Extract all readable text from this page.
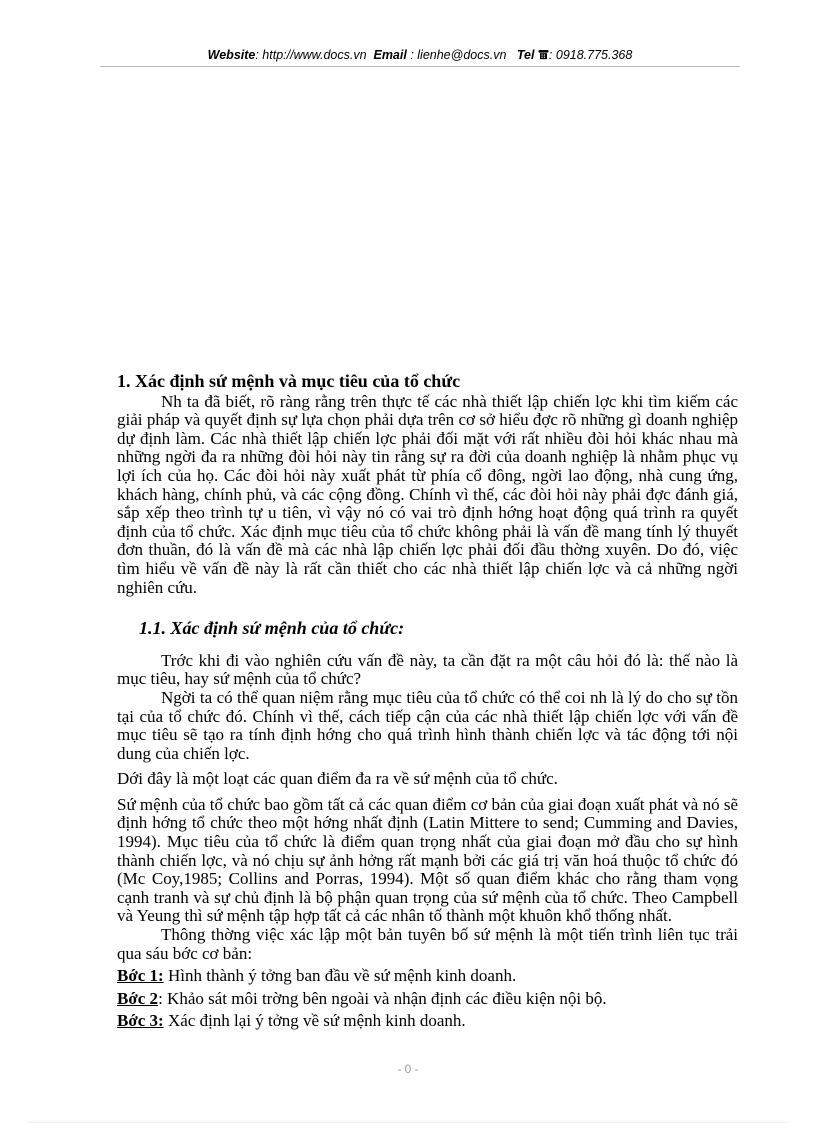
Website: http://www.docs.vn Email : lienhe@docs.vn Tel : 0918.775.368
1. Xác định sứ mệnh và mục tiêu của tổ chức

Nh ta đã biết, rõ ràng rằng trên thực tế các nhà thiết lập chiến lợc khi tìm kiếm các giải pháp và quyết định sự lựa chọn phải dựa trên cơ sở hiểu đợc rõ những gì doanh nghiệp dự định làm. Các nhà thiết lập chiến lợc phải đối mặt với rất nhiều đòi hỏi khác nhau mà những ngời đa ra những đòi hỏi này tin rằng sự ra đời của doanh nghiệp là nhằm phục vụ lợi ích của họ. Các đòi hỏi này xuất phát từ phía cổ đông, ngời lao động, nhà cung ứng, khách hàng, chính phủ, và các cộng đồng. Chính vì thế, các đòi hỏi này phải đợc đánh giá, sắp xếp theo trình tự u tiên, vì vậy nó có vai trò định hớng hoạt động quá trình ra quyết định của tổ chức. Xác định mục tiêu của tổ chức không phải là vấn đề mang tính lý thuyết đơn thuần, đó là vấn đề mà các nhà lập chiến lợc phải đối đầu thờng xuyên. Do đó, việc tìm hiểu về vấn đề này là rất cần thiết cho các nhà thiết lập chiến lợc và cả những ngời nghiên cứu.

1.1. Xác định sứ mệnh của tổ chức:

Trớc khi đi vào nghiên cứu vấn đề này, ta cần đặt ra một câu hỏi đó là: thế nào là mục tiêu, hay sứ mệnh của tổ chức?

Ngời ta có thể quan niệm rằng mục tiêu của tổ chức có thể coi nh là lý do cho sự tồn tại của tổ chức đó. Chính vì thế, cách tiếp cận của các nhà thiết lập chiến lợc với vấn đề mục tiêu sẽ tạo ra tính định hớng cho quá trình hình thành chiến lợc và tác động tới nội dung của chiến lợc.

Dới đây là một loạt các quan điểm đa ra về sứ mệnh của tổ chức.

Sứ mệnh của tổ chức bao gồm tất cả các quan điểm cơ bản của giai đoạn xuất phát và nó sẽ định hớng tổ chức theo một hớng nhất định (Latin Mittere to send; Cumming and Davies, 1994). Mục tiêu của tổ chức là điểm quan trọng nhất của giai đoạn mở đầu cho sự hình thành chiến lợc, và nó chịu sự ảnh hởng rất mạnh bởi các giá trị văn hoá thuộc tổ chức đó (Mc Coy,1985; Collins and Porras, 1994). Một số quan điểm khác cho rằng tham vọng cạnh tranh và sự chủ định là bộ phận quan trọng của sứ mệnh của tổ chức. Theo Campbell và Yeung thì sứ mệnh tập hợp tất cả các nhân tố thành một khuôn khổ thống nhất.

Thông thờng việc xác lập một bản tuyên bố sứ mệnh là một tiến trình liên tục trải qua sáu bớc cơ bản:

Bớc 1: Hình thành ý tởng ban đầu về sứ mệnh kinh doanh.
Bớc 2: Khảo sát môi trờng bên ngoài và nhận định các điều kiện nội bộ.
Bớc 3: Xác định lại ý tởng về sứ mệnh kinh doanh.
- 0 -
